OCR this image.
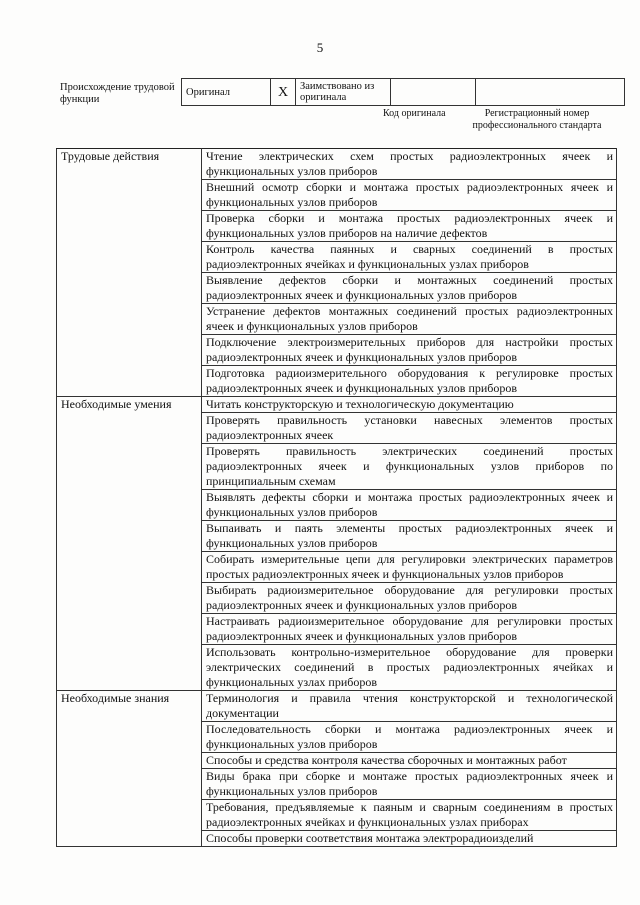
5
Происхождение трудовой функции
Оригинал	X	Заимствовано из оригинала		
Код оригинала	Регистрационный номер профессионального стандарта
Трудовые действия	Чтение электрических схем простых радиоэлектронных ячеек и функциональных узлов приборов

	Внешний осмотр сборки и монтажа простых радиоэлектронных ячеек и функциональных узлов приборов

	Проверка сборки и монтажа простых радиоэлектронных ячеек и функциональных узлов приборов на наличие дефектов

	Контроль качества паянных и сварных соединений в простых радиоэлектронных ячейках и функциональных узлах приборов

	Выявление дефектов сборки и монтажных соединений простых радиоэлектронных ячеек и функциональных узлов приборов

	Устранение дефектов монтажных соединений простых радиоэлектронных ячеек и функциональных узлов приборов

	Подключение электроизмерительных приборов для настройки простых радиоэлектронных ячеек и функциональных узлов приборов

	Подготовка радиоизмерительного оборудования к регулировке простых радиоэлектронных ячеек и функциональных узлов приборов

Необходимые умения	Читать конструкторскую и технологическую документацию

	Проверять правильность установки навесных элементов простых радиоэлектронных ячеек

	Проверять правильность электрических соединений простых радиоэлектронных ячеек и функциональных узлов приборов по принципиальным схемам

	Выявлять дефекты сборки и монтажа простых радиоэлектронных ячеек и функциональных узлов приборов

	Выпаивать и паять элементы простых радиоэлектронных ячеек и функциональных узлов приборов

	Собирать измерительные цепи для регулировки электрических параметров простых радиоэлектронных ячеек и функциональных узлов приборов

	Выбирать радиоизмерительное оборудование для регулировки простых радиоэлектронных ячеек и функциональных узлов приборов

	Настраивать радиоизмерительное оборудование для регулировки простых радиоэлектронных ячеек и функциональных узлов приборов

	Использовать контрольно-измерительное оборудование для проверки электрических соединений в простых радиоэлектронных ячейках и функциональных узлах приборов

Необходимые знания	Терминология и правила чтения конструкторской и технологической документации

	Последовательность сборки и монтажа радиоэлектронных ячеек и функциональных узлов приборов

	Способы и средства контроля качества сборочных и монтажных работ

	Виды брака при сборке и монтаже простых радиоэлектронных ячеек и функциональных узлов приборов

	Требования, предъявляемые к паяным и сварным соединениям в простых радиоэлектронных ячейках и функциональных узлах приборах

	Способы проверки соответствия монтажа электрорадиоизделий
